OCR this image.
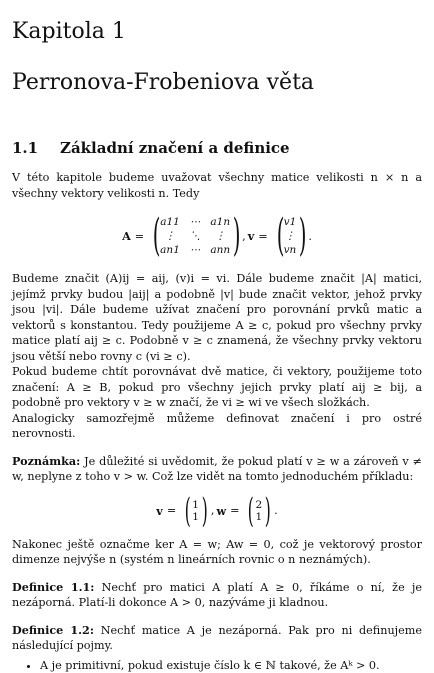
Kapitola 1
Perronova-Frobeniova věta
1.1 Základní značení a definice

V této kapitole budeme uvažovat všechny matice velikosti n × n a všechny vektory velikosti n. Tedy

A = ( a11 ⋯ a1n
⋮	⋱	⋮
an1 ⋯ ann ) , v = ( v1
⋮
vn ) .

Budeme značit (A)ij = aij, (v)i = vi. Dále budeme značit |A| matici, jejímž prvky budou |aij| a podobně |v| bude značit vektor, jehož prvky jsou |vi|. Dále budeme užívat značení pro porovnání prvků matic a vektorů s konstantou. Tedy použijeme A ≥ c, pokud pro všechny prvky matice platí aij ≥ c. Podobně v ≥ c znamená, že všechny prvky vektoru jsou větší nebo rovny c (vi ≥ c).

Pokud budeme chtít porovnávat dvě matice, či vektory, použijeme toto značení: A ≥ B, pokud pro všechny jejich prvky platí aij ≥ bij, a podobně pro vektory v ≥ w značí, že vi ≥ wi ve všech složkách.

Analogicky samozřejmě můžeme definovat značení i pro ostré nerovnosti.

Poznámka: Je důležité si uvědomit, že pokud platí v ≥ w a zároveň v ≠ w, neplyne z toho v > w. Což lze vidět na tomto jednoduchém příkladu:

v = ( 1
1 ) , w = ( 2
1 ) .

Nakonec ještě označme ker A = w; Aw = 0, což je vektorový prostor dimenze nejvýše n (systém n lineárních rovnic o n neznámých).

Definice 1.1: Nechť pro matici A platí A ≥ 0, říkáme o ní, že je nezáporná. Platí-li dokonce A > 0, nazýváme ji kladnou.

Definice 1.2: Nechť matice A je nezáporná. Pak pro ni definujeme následující pojmy.

• A je primitivní, pokud existuje číslo k ∈ ℕ takové, že Aᵏ > 0.
